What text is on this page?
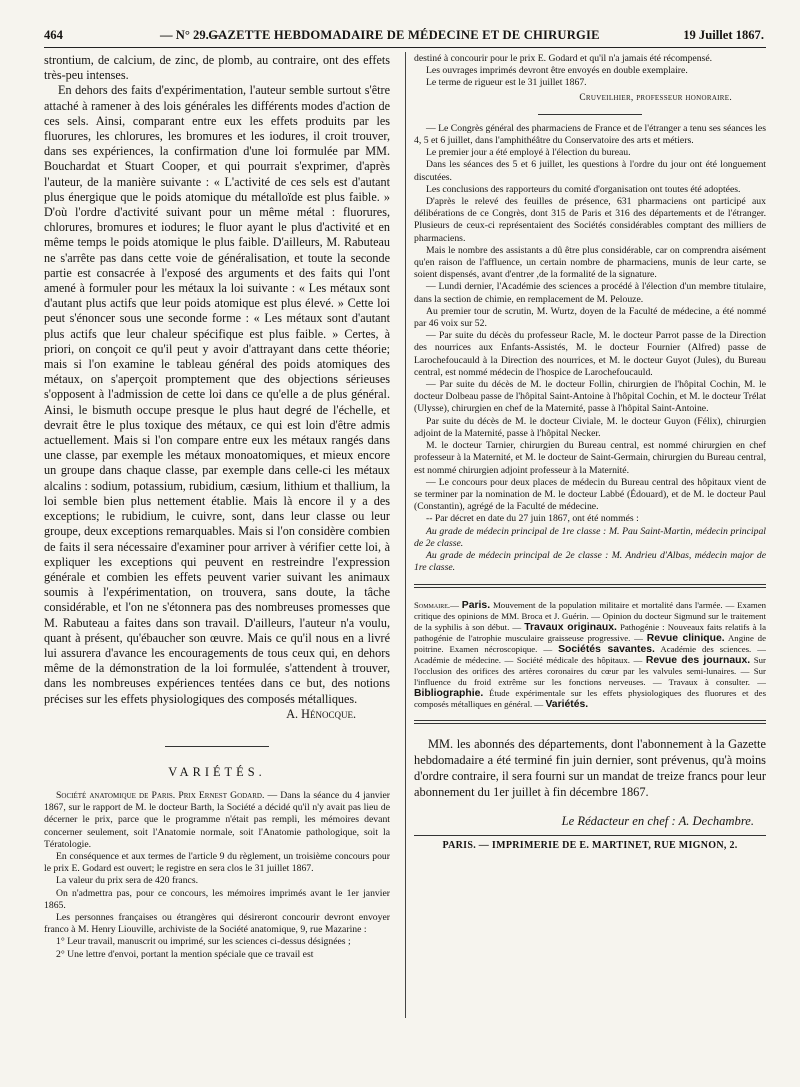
464	— N° 29. —
GAZETTE HEBDOMADAIRE DE MÉDECINE ET DE CHIRURGIE	19 Juillet 1867.

strontium, de calcium, de zinc, de plomb, au contraire, ont des effets très-peu intenses.

En dehors des faits d'expérimentation, l'auteur semble surtout s'être attaché à ramener à des lois générales les différents modes d'action de ces sels. Ainsi, comparant entre eux les effets produits par les fluorures, les chlorures, les bromures et les iodures, il croit trouver, dans ses expériences, la confirmation d'une loi formulée par MM. Bouchardat et Stuart Cooper, et qui pourrait s'exprimer, d'après l'auteur, de la manière suivante : « L'activité de ces sels est d'autant plus énergique que le poids atomique du métalloïde est plus faible. » D'où l'ordre d'activité suivant pour un même métal : fluorures, chlorures, bromures et iodures; le fluor ayant le plus d'activité et en même temps le poids atomique le plus faible. D'ailleurs, M. Rabuteau ne s'arrête pas dans cette voie de généralisation, et toute la seconde partie est consacrée à l'exposé des arguments et des faits qui l'ont amené à formuler pour les métaux la loi suivante : « Les métaux sont d'autant plus actifs que leur poids atomique est plus élevé. » Cette loi peut s'énoncer sous une seconde forme : « Les métaux sont d'autant plus actifs que leur chaleur spécifique est plus faible. » Certes, à priori, on conçoit ce qu'il peut y avoir d'attrayant dans cette théorie; mais si l'on examine le tableau général des poids atomiques des métaux, on s'aperçoit promptement que des objections sérieuses s'opposent à l'admission de cette loi dans ce qu'elle a de plus général. Ainsi, le bismuth occupe presque le plus haut degré de l'échelle, et devrait être le plus toxique des métaux, ce qui est loin d'être admis actuellement. Mais si l'on compare entre eux les métaux rangés dans une classe, par exemple les métaux monoatomiques, et mieux encore un groupe dans chaque classe, par exemple dans celle-ci les métaux alcalins : sodium, potassium, rubidium, cæsium, lithium et thallium, la loi semble bien plus nettement établie. Mais là encore il y a des exceptions; le rubidium, le cuivre, sont, dans leur classe ou leur groupe, deux exceptions remarquables. Mais si l'on considère combien de faits il sera nécessaire d'examiner pour arriver à vérifier cette loi, à expliquer les exceptions qui peuvent en restreindre l'expression générale et combien les effets peuvent varier suivant les animaux soumis à l'expérimentation, on trouvera, sans doute, la tâche considérable, et l'on ne s'étonnera pas des nombreuses promesses que M. Rabuteau a faites dans son travail. D'ailleurs, l'auteur n'a voulu, quant à présent, qu'ébaucher son œuvre. Mais ce qu'il nous en a livré lui assurera d'avance les encouragements de tous ceux qui, en dehors même de la démonstration de la loi formulée, s'attendent à trouver, dans les nombreuses expériences tentées dans ce but, des notions précises sur les effets physiologiques des composés métalliques.

A. Hénocque.

VARIÉTÉS.

Société anatomique de Paris. Prix Ernest Godard. — Dans la séance du 4 janvier 1867, sur le rapport de M. le docteur Barth, la Société a décidé qu'il n'y avait pas lieu de décerner le prix, parce que le programme n'était pas rempli, les mémoires devant concerner seulement, soit l'Anatomie normale, soit l'Anatomie pathologique, soit la Tératologie.

En conséquence et aux termes de l'article 9 du règlement, un troisième concours pour le prix E. Godard est ouvert; le registre en sera clos le 31 juillet 1867.

La valeur du prix sera de 420 francs.

On n'admettra pas, pour ce concours, les mémoires imprimés avant le 1er janvier 1865.

Les personnes françaises ou étrangères qui désireront concourir devront envoyer franco à M. Henry Liouville, archiviste de la Société anatomique, 9, rue Mazarine :

1° Leur travail, manuscrit ou imprimé, sur les sciences ci-dessus désignées ;

2° Une lettre d'envoi, portant la mention spéciale que ce travail est

destiné à concourir pour le prix E. Godard et qu'il n'a jamais été récompensé.

Les ouvrages imprimés devront être envoyés en double exemplaire.

Le terme de rigueur est le 31 juillet 1867.

Cruveilhier, professeur honoraire.

— Le Congrès général des pharmaciens de France et de l'étranger a tenu ses séances les 4, 5 et 6 juillet, dans l'amphithéâtre du Conservatoire des arts et métiers.

Le premier jour a été employé à l'élection du bureau.

Dans les séances des 5 et 6 juillet, les questions à l'ordre du jour ont été longuement discutées.

Les conclusions des rapporteurs du comité d'organisation ont toutes été adoptées.

D'après le relevé des feuilles de présence, 631 pharmaciens ont participé aux délibérations de ce Congrès, dont 315 de Paris et 316 des départements et de l'étranger. Plusieurs de ceux-ci représentaient des Sociétés considérables comptant des milliers de pharmaciens.

Mais le nombre des assistants a dû être plus considérable, car on comprendra aisément qu'en raison de l'affluence, un certain nombre de pharmaciens, munis de leur carte, se soient dispensés, avant d'entrer ,de la formalité de la signature.

— Lundi dernier, l'Académie des sciences a procédé à l'élection d'un membre titulaire, dans la section de chimie, en remplacement de M. Pelouze.

Au premier tour de scrutin, M. Wurtz, doyen de la Faculté de médecine, a été nommé par 46 voix sur 52.

— Par suite du décès du professeur Racle, M. le docteur Parrot passe de la Direction des nourrices aux Enfants-Assistés, M. le docteur Fournier (Alfred) passe de Larochefoucauld à la Direction des nourrices, et M. le docteur Guyot (Jules), du Bureau central, est nommé médecin de l'hospice de Larochefoucauld.

— Par suite du décès de M. le docteur Follin, chirurgien de l'hôpital Cochin, M. le docteur Dolbeau passe de l'hôpital Saint-Antoine à l'hôpital Cochin, et M. le docteur Trélat (Ulysse), chirurgien en chef de la Maternité, passe à l'hôpital Saint-Antoine.

Par suite du décès de M. le docteur Civiale, M. le docteur Guyon (Félix), chirurgien adjoint de la Maternité, passe à l'hôpital Necker.

M. le docteur Tarnier, chirurgien du Bureau central, est nommé chirurgien en chef professeur à la Maternité, et M. le docteur de Saint-Germain, chirurgien du Bureau central, est nommé chirurgien adjoint professeur à la Maternité.

— Le concours pour deux places de médecin du Bureau central des hôpitaux vient de se terminer par la nomination de M. le docteur Labbé (Édouard), et de M. le docteur Paul (Constantin), agrégé de la Faculté de médecine.

-- Par décret en date du 27 juin 1867, ont été nommés :

Au grade de médecin principal de 1re classe : M. Pau Saint-Martin, médecin principal de 2e classe.

Au grade de médecin principal de 2e classe : M. Andrieu d'Albas, médecin major de 1re classe.

Sommaire.— Paris. Mouvement de la population militaire et mortalité dans l'armée. — Examen critique des opinions de MM. Broca et J. Guérin. — Opinion du docteur Sigmund sur le traitement de la syphilis à son début. — Travaux originaux. Pathogénie : Nouveaux faits relatifs à la pathogénie de l'atrophie musculaire graisseuse progressive. — Revue clinique. Angine de poitrine. Examen nécroscopique. — Sociétés savantes. Académie des sciences. — Académie de médecine. — Société médicale des hôpitaux. — Revue des journaux. Sur l'occlusion des orifices des artères coronaires du cœur par les valvules semi-lunaires. — Sur l'influence du froid extrême sur les fonctions nerveuses. — Travaux à consulter. — Bibliographie. Étude expérimentale sur les effets physiologiques des fluorures et des composés métalliques en général. — Variétés.

MM. les abonnés des départements, dont l'abonnement à la Gazette hebdomadaire a été terminé fin juin dernier, sont prévenus, qu'à moins d'ordre contraire, il sera fourni sur un mandat de treize francs pour leur abonnement du 1er juillet à fin décembre 1867.

Le Rédacteur en chef : A. Dechambre.
PARIS. — IMPRIMERIE DE E. MARTINET, RUE MIGNON, 2.
